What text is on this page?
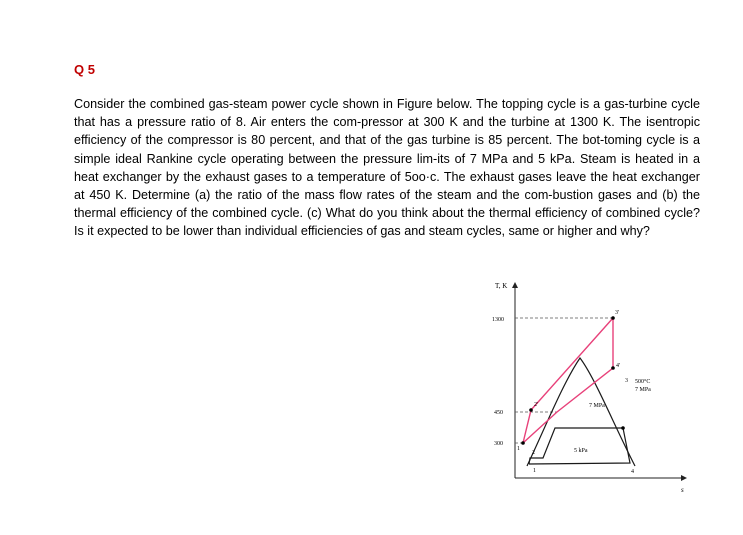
Q 5
Consider the combined gas-steam power cycle shown in Figure below. The topping cycle is a gas-turbine cycle that has a pressure ratio of 8. Air enters the com-pressor at 300 K and the turbine at 1300 K. The isentropic efficiency of the compressor is 80 percent, and that of the gas turbine is 85 percent. The bot-toming cycle is a simple ideal Rankine cycle operating between the pressure lim-its of 7 MPa and 5 kPa. Steam is heated in a heat exchanger by the exhaust gases to a temperature of 5oo·c. The exhaust gases leave the heat exchanger at 450 K. Determine (a) the ratio of the mass flow rates of the steam and the com-bustion gases and (b) the thermal efficiency of the combined cycle. (c) What do you think about the thermal efficiency of combined cycle? Is it expected to be lower than individual efficiencies of gas and steam cycles, same or higher and why?
T, K
s
1300
450
300
1
2'
3'
4'
1
2
3
4
500°C
7 MPa
7 MPa
5 kPa
